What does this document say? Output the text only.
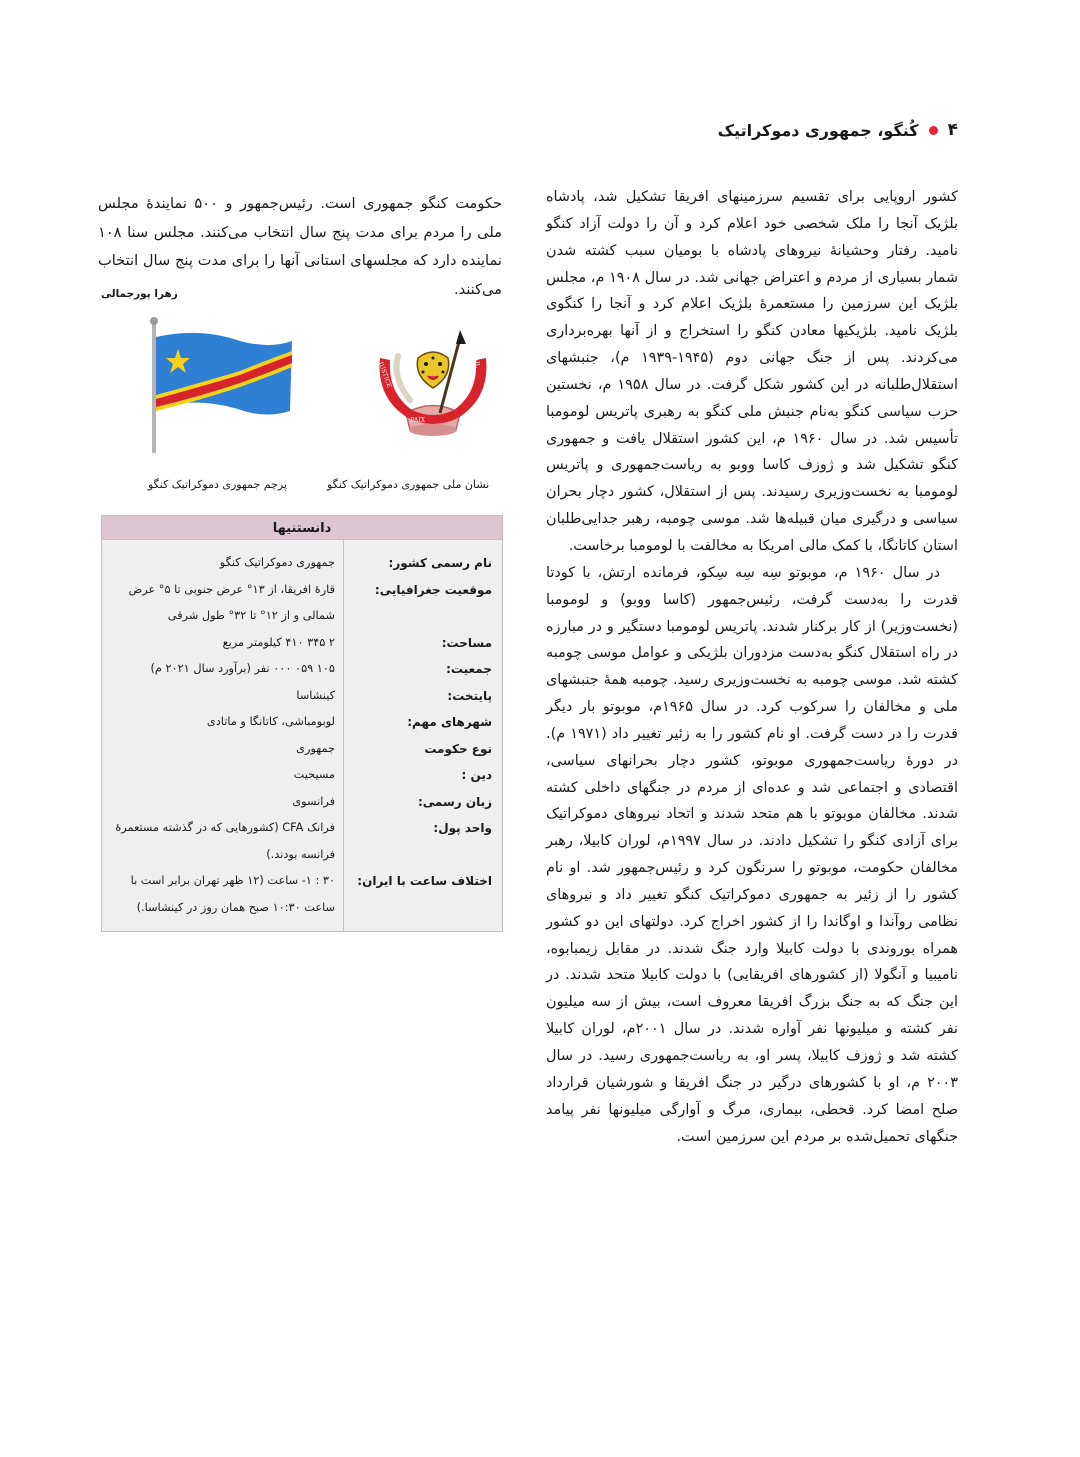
۴
کُنگو، جمهوری دموکراتیک

کشور اروپایی برای تقسیم سرزمینهای افریقا تشکیل شد، پادشاه بلژیک آنجا را ملک شخصی خود اعلام کرد و آن را دولت آزاد کنگو نامید. رفتار وحشیانهٔ نیروهای پادشاه با بومیان سبب کشته شدن شمار بسیاری از مردم و اعتراض جهانی شد. در سال ۱۹۰۸ م، مجلس بلژیک این سرزمین را مستعمرهٔ بلژیک اعلام کرد و آنجا را کنگوی بلژیک نامید. بلژیکیها معادن کنگو را استخراج و از آنها بهره‌برداری می‌کردند. پس از جنگ جهانی دوم (۱۹۴۵-۱۹۳۹ م)، جنبشهای استقلال‌طلبانه در این کشور شکل گرفت. در سال ۱۹۵۸ م، نخستین حزب سیاسی کنگو به‌نام جنبش ملی کنگو به رهبری پاتریس لومومبا تأسیس شد. در سال ۱۹۶۰ م، این کشور استقلال یافت و جمهوری کنگو تشکیل شد و ژوزف کاسا ووبو به ریاست‌جمهوری و پاتریس لومومبا به نخست‌وزیری رسیدند. پس از استقلال، کشور دچار بحران سیاسی و درگیری میان قبیله‌ها شد. موسی چومبه، رهبر جدایی‌طلبان استان کاتانگا، با کمک مالی امریکا به مخالفت با لومومبا برخاست.

در سال ۱۹۶۰ م، موبوتو سِه سِه سِکو، فرمانده ارتش، با کودتا قدرت را به‌دست گرفت، رئیس‌جمهور (کاسا ووبو) و لومومبا (نخست‌وزیر) از کار برکنار شدند. پاتریس لومومبا دستگیر و در مبارزه در راه استقلال کنگو به‌دست مزدوران بلژیکی و عوامل موسی چومبه کشته شد. موسی چومبه به نخست‌وزیری رسید. چومبه همهٔ جنبشهای ملی و مخالفان را سرکوب کرد. در سال ۱۹۶۵م، موبوتو بار دیگر قدرت را در دست گرفت. او نام کشور را به زئیر تغییر داد (۱۹۷۱ م). در دورهٔ ریاست‌جمهوری موبوتو، کشور دچار بحرانهای سیاسی، اقتصادی و اجتماعی شد و عده‌ای از مردم در جنگهای داخلی کشته شدند. مخالفان موبوتو با هم متحد شدند و اتحاد نیروهای دموکراتیک برای آزادی کنگو را تشکیل دادند. در سال ۱۹۹۷م، لوران کابیلا، رهبر مخالفان حکومت، موبوتو را سرنگون کرد و رئیس‌جمهور شد. او نام کشور را از زئیر به جمهوری دموکراتیک کنگو تغییر داد و نیروهای نظامی روآندا و اوگاندا را از کشور اخراج کرد. دولتهای این دو کشور همراه بوروندی با دولت کابیلا وارد جنگ شدند. در مقابل زیمبابوه، نامیبیا و آنگولا (از کشورهای افریقایی) با دولت کابیلا متحد شدند. در این جنگ که به جنگ بزرگ افریقا معروف است، بیش از سه میلیون نفر کشته و میلیونها نفر آواره شدند. در سال ۲۰۰۱م، لوران کابیلا کشته شد و ژوزف کابیلا، پسر او، به ریاست‌جمهوری رسید. در سال ۲۰۰۳ م، او با کشورهای درگیر در جنگ افریقا و شورشیان قرارداد صلح امضا کرد. قحطی، بیماری، مرگ و آوارگی میلیونها نفر پیامد جنگهای تحمیل‌شده بر مردم این سرزمین است.

حکومت کنگو جمهوری است. رئیس‌جمهور و ۵۰۰ نمایندهٔ مجلس ملی را مردم برای مدت پنج سال انتخاب می‌کنند. مجلس سنا ۱۰۸ نماینده دارد که مجلسهای استانی آنها را برای مدت پنج سال انتخاب می‌کنند.

زهرا پورجمالی
JUSTICE
PAIX
TRAVAIL
نشان ملی جمهوری دموکراتیک کنگو
پرچم جمهوری دموکراتیک کنگو
دانستنیها
نام رسمی کشور:
موقعیت جغرافیایی:
مساحت:
جمعیت:
پایتخت:
شهرهای مهم:
نوع حکومت
دین :
زبان رسمی:
واحد پول:
اختلاف ساعت با ایران:
جمهوری دموکراتیک کنگو
قارهٔ افریقا، از ۱۳° عرض جنوبی تا ۵° عرض
شمالی و از ۱۲° تا ۳۲° طول شرقی
۲ ۳۴۵ ۴۱۰ کیلومتر مربع
۱۰۵ ۰۵۹ ۰۰۰ نفر (برآورد سال ۲۰۲۱ م)
کینشاسا
لوبومباشی، کاتانگا و ماتادی
جمهوری
مسیحیت
فرانسوی
فرانک CFA (کشورهایی که در گذشته مستعمرهٔ
فرانسه بودند.)
۳۰ : ۱- ساعت (۱۲ ظهر تهران برابر است با
ساعت ۱۰:۳۰ صبح همان روز در کینشاسا.)
